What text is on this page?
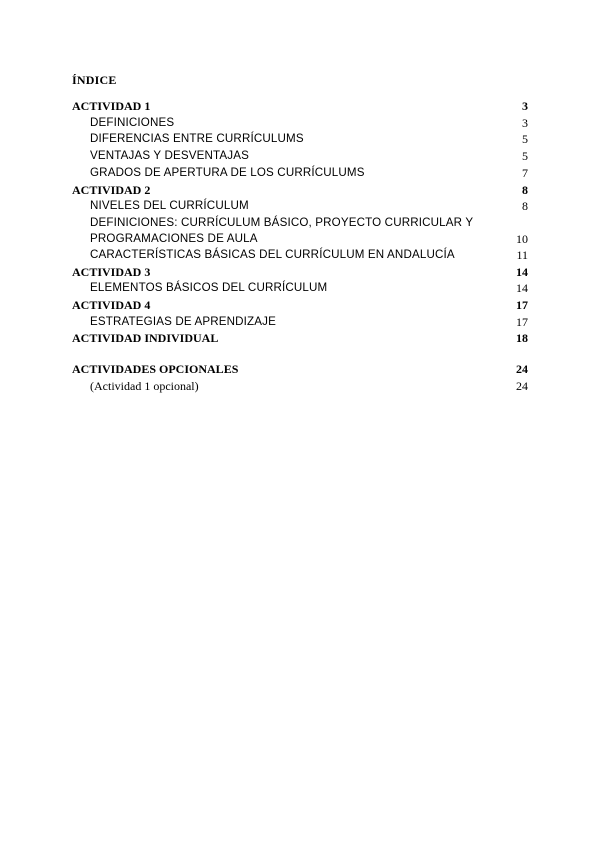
ÍNDICE
ACTIVIDAD 1	3
DEFINICIONES	3
DIFERENCIAS ENTRE CURRÍCULUMS	5
VENTAJAS Y DESVENTAJAS	5
GRADOS DE APERTURA DE LOS CURRÍCULUMS	7
ACTIVIDAD 2	8
NIVELES DEL CURRÍCULUM	8
DEFINICIONES: CURRÍCULUM BÁSICO, PROYECTO CURRICULAR Y PROGRAMACIONES DE AULA	10
CARACTERÍSTICAS BÁSICAS DEL CURRÍCULUM EN ANDALUCÍA	11
ACTIVIDAD 3	14
ELEMENTOS BÁSICOS DEL CURRÍCULUM	14
ACTIVIDAD 4	17
ESTRATEGIAS DE APRENDIZAJE	17
ACTIVIDAD INDIVIDUAL	18
ACTIVIDADES OPCIONALES	24
(Actividad 1 opcional)	24
